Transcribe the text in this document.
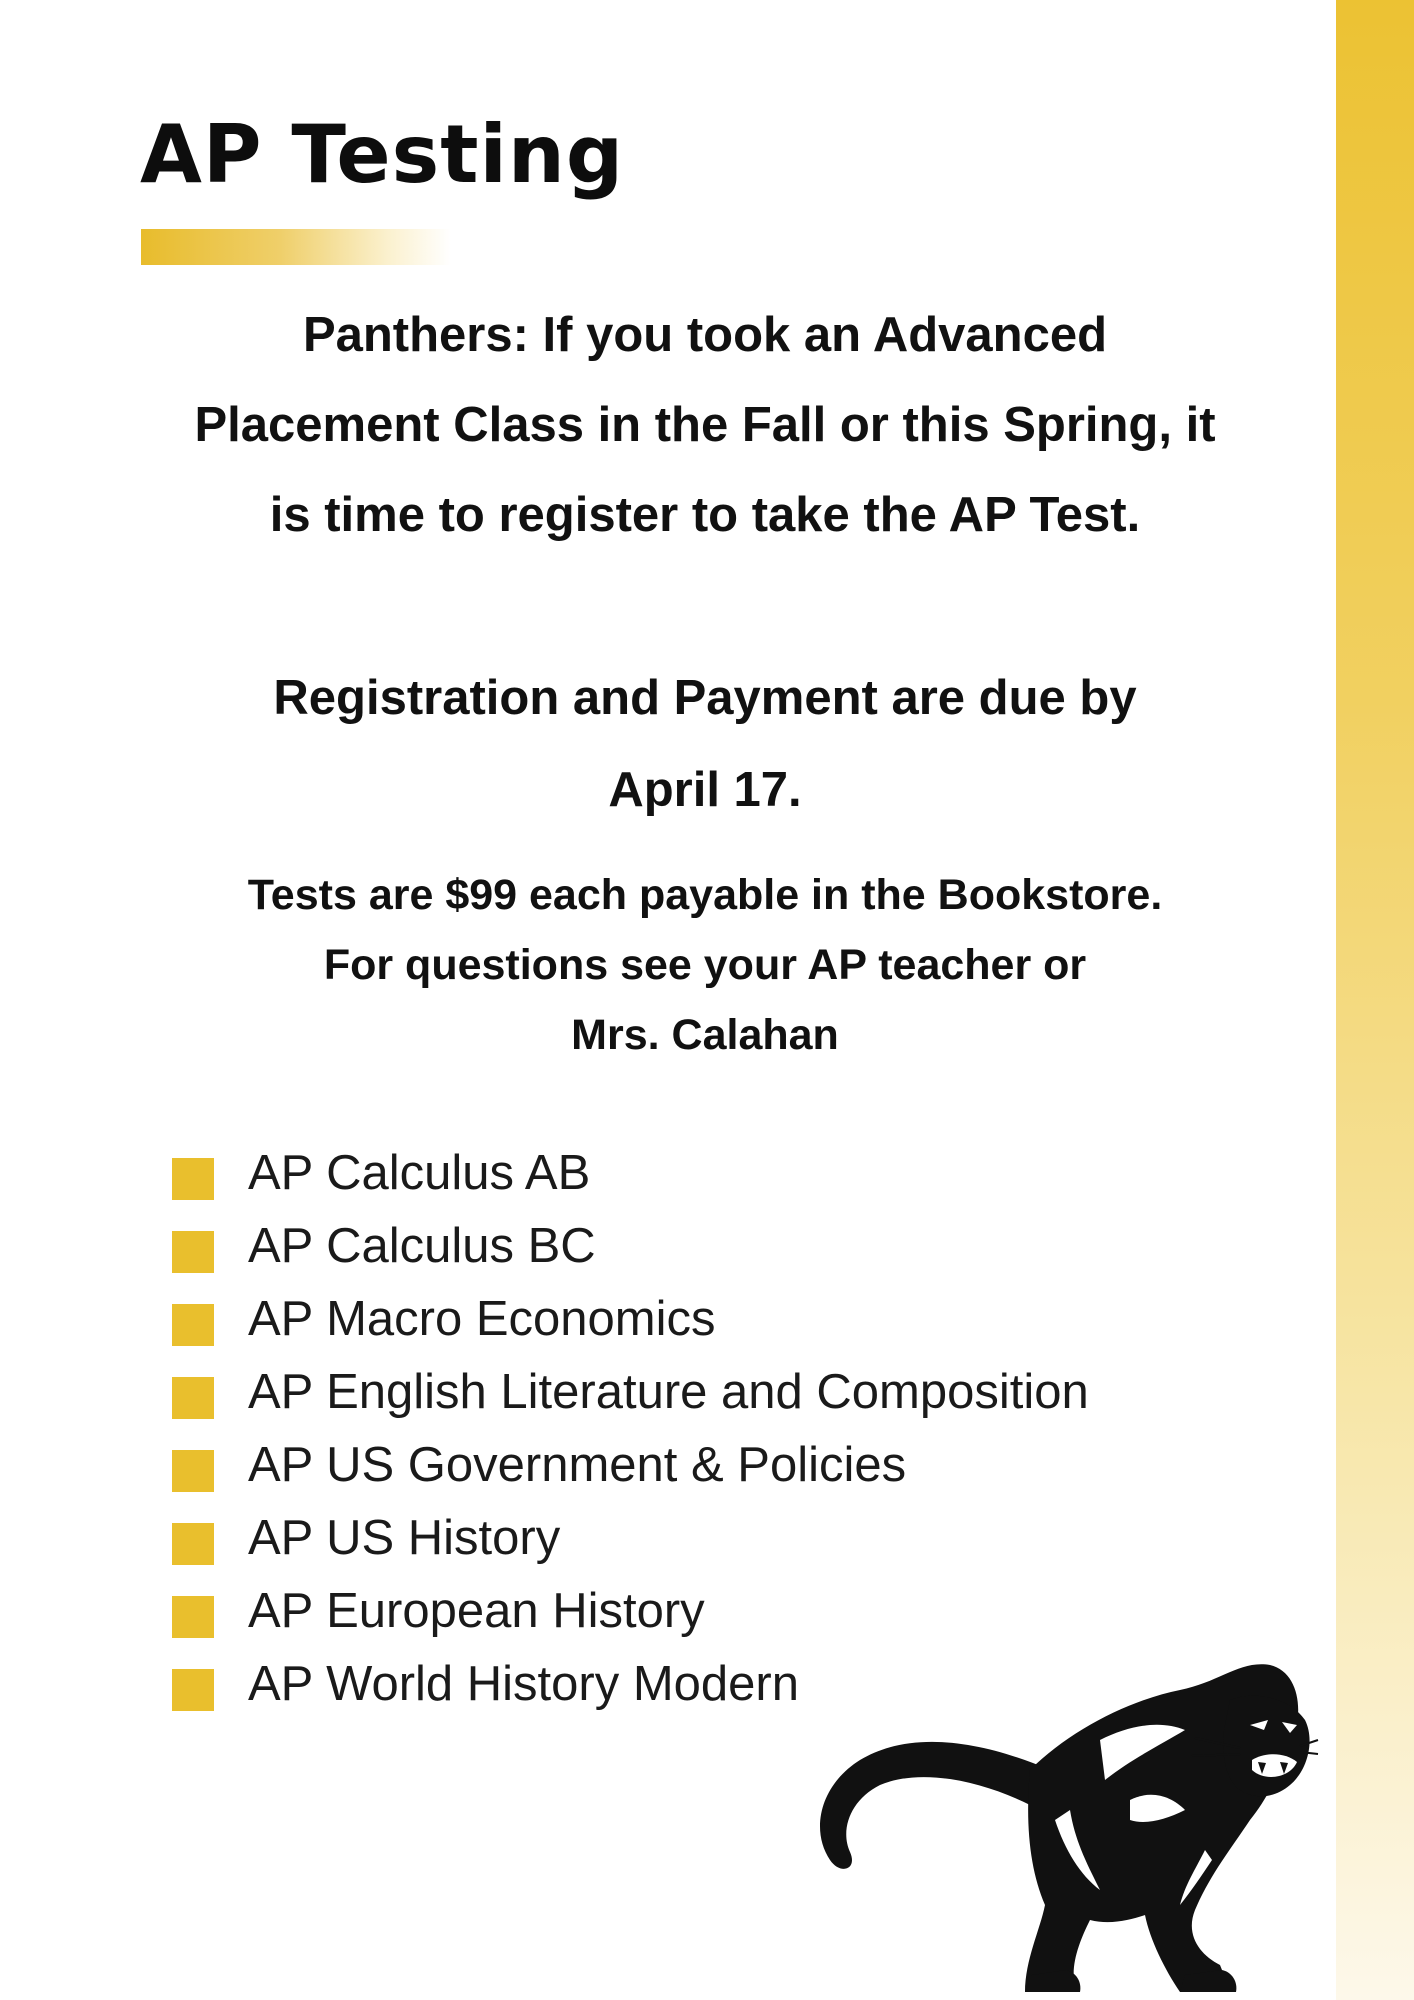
AP Testing

Panthers: If you took an Advanced
Placement Class in the Fall or this Spring, it
is time to register to take the AP Test.

Registration and Payment are due by
April 17.

Tests are $99 each payable in the Bookstore.
For questions see your AP teacher or
Mrs. Calahan

AP Calculus AB
AP Calculus BC
AP Macro Economics
AP English Literature and Composition
AP US Government & Policies
AP US History
AP European History
AP World History Modern
